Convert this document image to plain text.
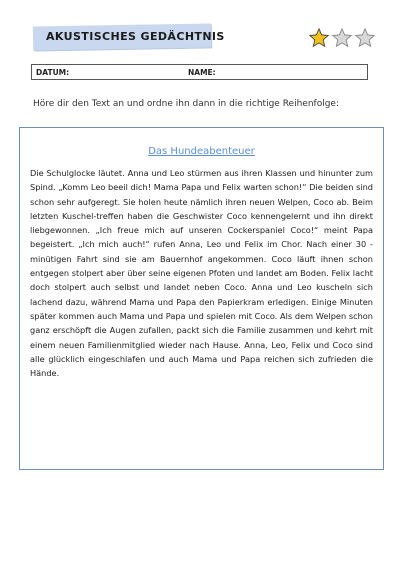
AKUSTISCHES GEDÄCHTNIS
DATUM:	NAME:
Höre dir den Text an und ordne ihn dann in die richtige Reihenfolge:
Das Hundeabenteuer
Die Schulglocke läutet. Anna und Leo stürmen aus ihren Klassen und hinunter zum Spind. „Komm Leo beeil dich! Mama Papa und Felix warten schon!“ Die beiden sind schon sehr aufgeregt. Sie holen heute nämlich ihren neuen Welpen, Coco ab. Beim letzten Kuschel-treffen haben die Geschwister Coco kennengelernt und ihn direkt liebgewonnen. „Ich freue mich auf unseren Cockerspaniel Coco!“ meint Papa begeistert. „Ich mich auch!“ rufen Anna, Leo und Felix im Chor. Nach einer 30 - minütigen Fahrt sind sie am Bauernhof angekommen. Coco läuft ihnen schon entgegen stolpert aber über seine eigenen Pfoten und landet am Boden. Felix lacht doch stolpert auch selbst und landet neben Coco. Anna und Leo kuscheln sich lachend dazu, während Mama und Papa den Papierkram erledigen. Einige Minuten später kommen auch Mama und Papa und spielen mit Coco. Als dem Welpen schon ganz erschöpft die Augen zufallen, packt sich die Familie zusammen und kehrt mit einem neuen Familienmitglied wieder nach Hause. Anna, Leo, Felix und Coco sind alle glücklich eingeschlafen und auch Mama und Papa reichen sich zufrieden die Hände.
